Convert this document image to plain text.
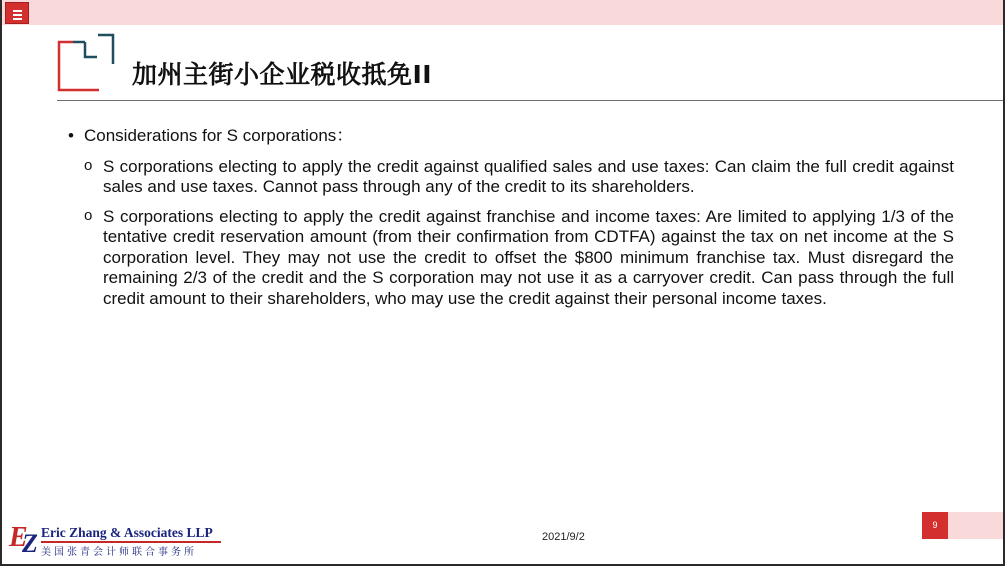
加州主街小企业税收抵免II
• Considerations for S corporations：
o S corporations electing to apply the credit against qualified sales and use taxes: Can claim the full credit against sales and use taxes. Cannot pass through any of the credit to its shareholders.
o S corporations electing to apply the credit against franchise and income taxes: Are limited to applying 1/3 of the tentative credit reservation amount (from their confirmation from CDTFA) against the tax on net income at the S corporation level. They may not use the credit to offset the $800 minimum franchise tax. Must disregard the remaining 2/3 of the credit and the S corporation may not use it as a carryover credit. Can pass through the full credit amount to their shareholders, who may use the credit against their personal income taxes.
E
Z Eric Zhang & Associates LLP
美国张青会计师联合事务所
2021/9/2
9
